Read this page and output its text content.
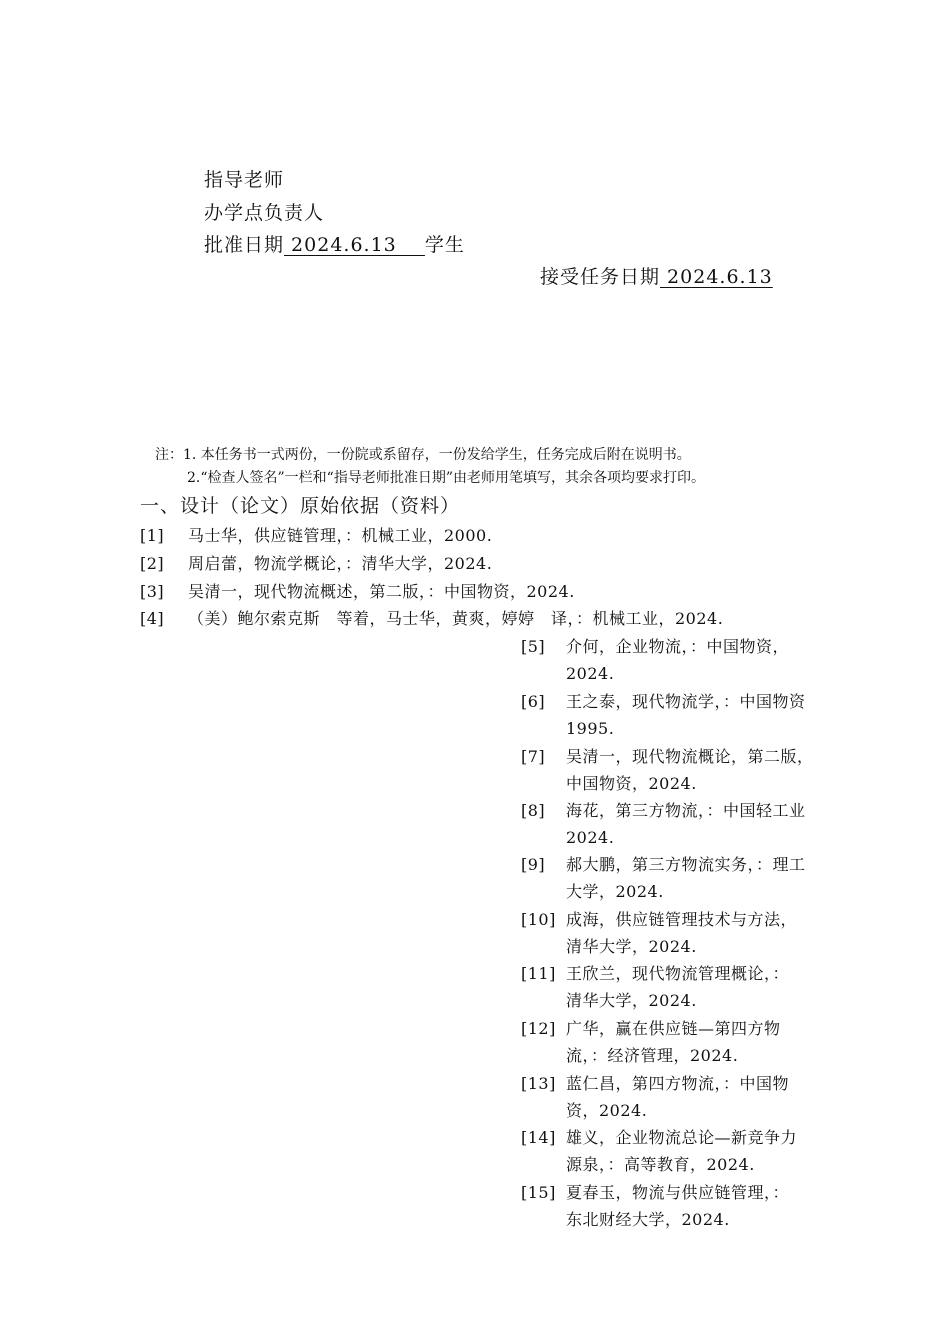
指导老师
办学点负责人
批准日期 2024.6.13    学生
接受任务日期 2024.6.13
注：1. 本任务书一式两份，一份院或系留存，一份发给学生，任务完成后附在说明书。
2.“检查人签名”一栏和“指导老师批准日期”由老师用笔填写，其余各项均要求打印。
一、设计（论文）原始依据（资料）
[1] 马士华，供应链管理，：机械工业，2000.
[2] 周启蕾，物流学概论，：清华大学，2024.
[3] 吴清一，现代物流概述，第二版，：中国物资，2024.
[4] （美）鲍尔索克斯　等着，马士华，黄爽，婷婷　译，：机械工业，2024.
[5]	介何，企业物流，：中国物资，
2024.
[6]	王之泰，现代物流学，：中国物资
1995.
[7]	吴清一，现代物流概论，第二版，
中国物资，2024.
[8]	海花，第三方物流，：中国轻工业
2024.
[9]	郝大鹏，第三方物流实务，：理工
大学，2024.
[10] 成海，供应链管理技术与方法，
清华大学，2024.
[11] 王欣兰，现代物流管理概论，：
清华大学，2024.
[12] 广华，赢在供应链—第四方物
流，：经济管理，2024.
[13] 蓝仁昌，第四方物流，：中国物
资，2024.
[14] 雄义，企业物流总论—新竞争力
源泉，：高等教育，2024.
[15] 夏春玉，物流与供应链管理，：
东北财经大学，2024.
